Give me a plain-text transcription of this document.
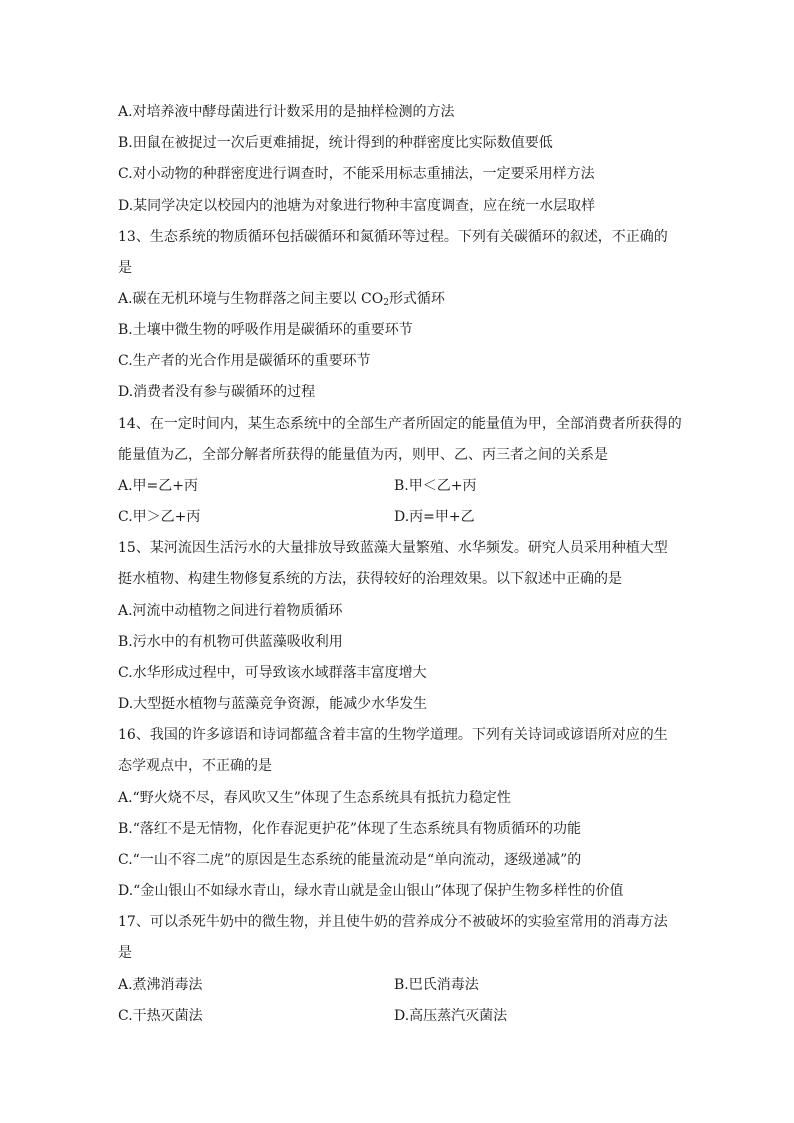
A.对培养液中酵母菌进行计数采用的是抽样检测的方法
B.田鼠在被捉过一次后更难捕捉，统计得到的种群密度比实际数值要低
C.对小动物的种群密度进行调查时，不能采用标志重捕法，一定要采用样方法
D.某同学决定以校园内的池塘为对象进行物种丰富度调查，应在统一水层取样
13、生态系统的物质循环包括碳循环和氮循环等过程。下列有关碳循环的叙述，不正确的
是
A.碳在无机环境与生物群落之间主要以 $CO_2$形式循环
B.土壤中微生物的呼吸作用是碳循环的重要环节
C.生产者的光合作用是碳循环的重要环节
D.消费者没有参与碳循环的过程
14、在一定时间内，某生态系统中的全部生产者所固定的能量值为甲，全部消费者所获得的
能量值为乙，全部分解者所获得的能量值为丙，则甲、乙、丙三者之间的关系是
A.甲=乙+丙	B.甲＜乙+丙
C.甲＞乙+丙	D.丙=甲+乙
15、某河流因生活污水的大量排放导致蓝藻大量繁殖、水华频发。研究人员采用种植大型
挺水植物、构建生物修复系统的方法，获得较好的治理效果。以下叙述中正确的是
A.河流中动植物之间进行着物质循环
B.污水中的有机物可供蓝藻吸收利用
C.水华形成过程中，可导致该水域群落丰富度增大
D.大型挺水植物与蓝藻竞争资源，能减少水华发生
16、我国的许多谚语和诗词都蕴含着丰富的生物学道理。下列有关诗词或谚语所对应的生
态学观点中，不正确的是
A.“野火烧不尽，春风吹又生”体现了生态系统具有抵抗力稳定性
B.“落红不是无情物，化作春泥更护花”体现了生态系统具有物质循环的功能
C.“一山不容二虎”的原因是生态系统的能量流动是“单向流动，逐级递减”的
D.“金山银山不如绿水青山，绿水青山就是金山银山”体现了保护生物多样性的价值
17、可以杀死牛奶中的微生物，并且使牛奶的营养成分不被破坏的实验室常用的消毒方法
是
A.煮沸消毒法	B.巴氏消毒法
C.干热灭菌法	D.高压蒸汽灭菌法
